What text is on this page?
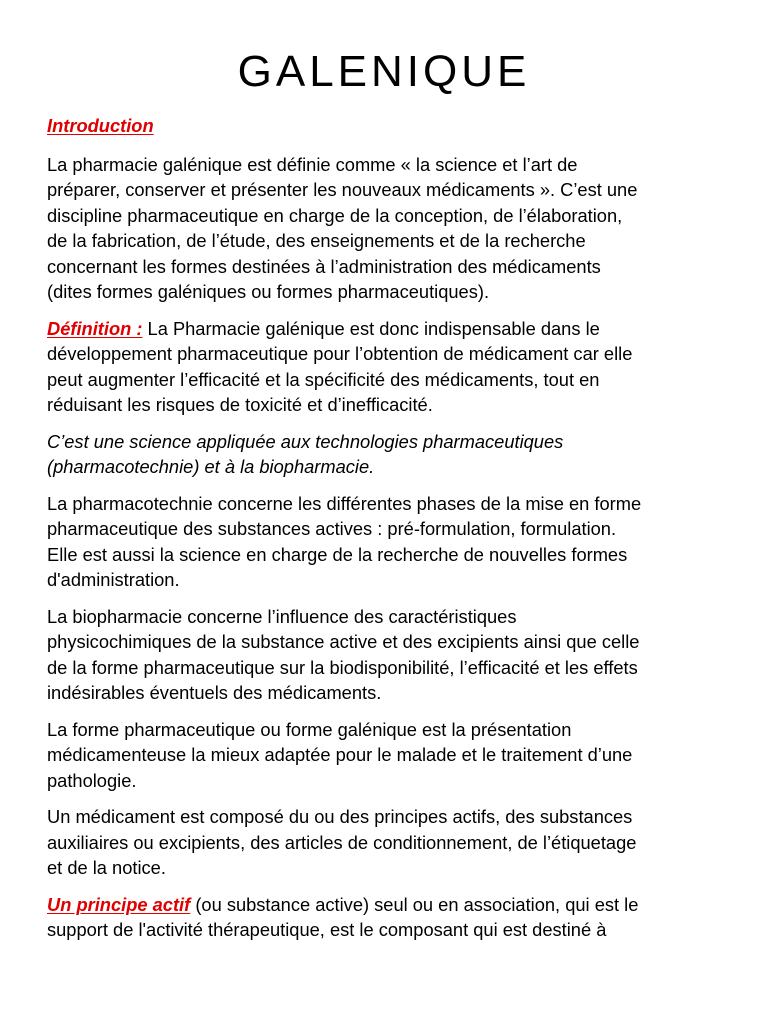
GALENIQUE

Introduction

La pharmacie galénique est définie comme « la science et l’art de
préparer, conserver et présenter les nouveaux médicaments ». C’est une
discipline pharmaceutique en charge de la conception, de l’élaboration,
de la fabrication, de l’étude, des enseignements et de la recherche
concernant les formes destinées à l’administration des médicaments
(dites formes galéniques ou formes pharmaceutiques).

Définition : La Pharmacie galénique est donc indispensable dans le
développement pharmaceutique pour l’obtention de médicament car elle
peut augmenter l’efficacité et la spécificité des médicaments, tout en
réduisant les risques de toxicité et d’inefficacité.

C’est une science appliquée aux technologies pharmaceutiques
(pharmacotechnie) et à la biopharmacie.

La pharmacotechnie concerne les différentes phases de la mise en forme
pharmaceutique des substances actives : pré-formulation, formulation.
Elle est aussi la science en charge de la recherche de nouvelles formes
d'administration.

La biopharmacie concerne l’influence des caractéristiques
physicochimiques de la substance active et des excipients ainsi que celle
de la forme pharmaceutique sur la biodisponibilité, l’efficacité et les effets
indésirables éventuels des médicaments.

La forme pharmaceutique ou forme galénique est la présentation
médicamenteuse la mieux adaptée pour le malade et le traitement d’une
pathologie.

Un médicament est composé du ou des principes actifs, des substances
auxiliaires ou excipients, des articles de conditionnement, de l’étiquetage
et de la notice.

Un principe actif (ou substance active) seul ou en association, qui est le
support de l'activité thérapeutique, est le composant qui est destiné à
